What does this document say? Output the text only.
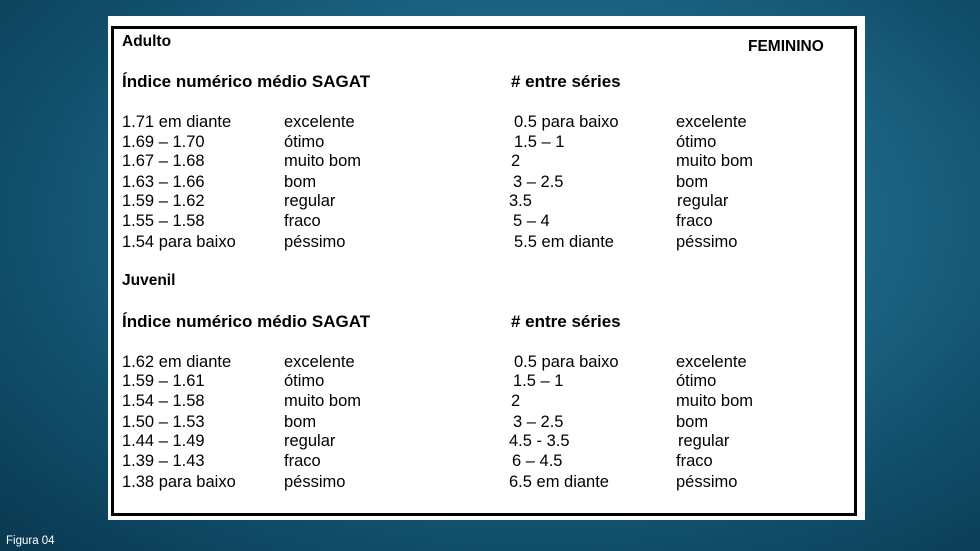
FEMININO
Adulto
Índice numérico médio SAGAT	# entre séries
1.71 em diante	excelente	0.5 para baixo	excelente
1.69 – 1.70	ótimo	1.5 – 1	ótimo
1.67 – 1.68	muito bom	2	muito bom
1.63 – 1.66	bom	3 – 2.5	bom
1.59 – 1.62	regular	3.5	regular
1.55 – 1.58	fraco	5 – 4	fraco
1.54 para baixo	péssimo	5.5 em diante	péssimo
Juvenil
Índice numérico médio SAGAT	# entre séries
1.62 em diante	excelente	0.5 para baixo	excelente
1.59 – 1.61	ótimo	1.5 – 1	ótimo
1.54 – 1.58	muito bom	2	muito bom
1.50 – 1.53	bom	3 – 2.5	bom
1.44 – 1.49	regular	4.5 - 3.5	regular
1.39 – 1.43	fraco	6 – 4.5	fraco
1.38 para baixo	péssimo	6.5 em diante	péssimo
Figura 04
